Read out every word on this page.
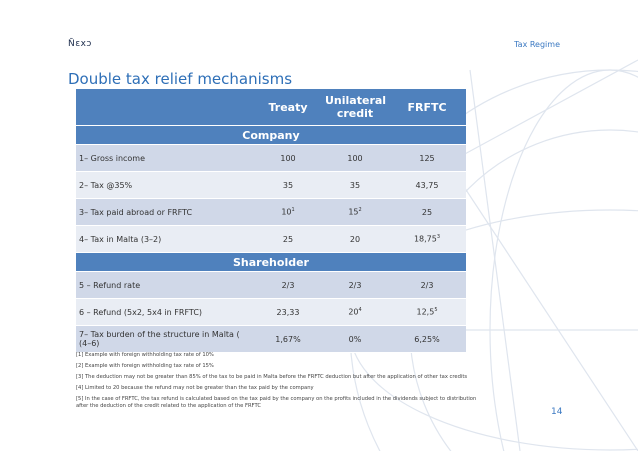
N̄ɛxɔ	Tax Regime
Double tax relief mechanisms
	Treaty	Unilateral credit	FRFTC
Company			
1– Gross income	100	100	125
2– Tax @35%	35	35	43,75
3– Tax paid abroad or FRFTC	$10^1$	$15^2$	25
4– Tax in Malta (3–2)	25	20	18,75$^3$
Shareholder			
5 – Refund rate	2/3	2/3	2/3
6 – Refund (5x2, 5x4 in FRFTC)	23,33	$20^4$	12,5$^5$
7– Tax burden of the structure in Malta ( (4–6)	1,67%	0%	6,25%
[1] Example with foreign withholding tax rate of 10%
[2] Example with foreign withholding tax rate of 15%
[3] The deduction may not be greater than 85% of the tax to be paid in Malta before the FRFTC deduction but after the application of other tax credits
[4] Limited to 20 because the refund may not be greater than the tax paid by the company
[5] In the case of FRFTC, the tax refund is calculated based on the tax paid by the company on the profits included in the dividends subject to distribution after the deduction of the credit related to the application of the FRFTC
14
